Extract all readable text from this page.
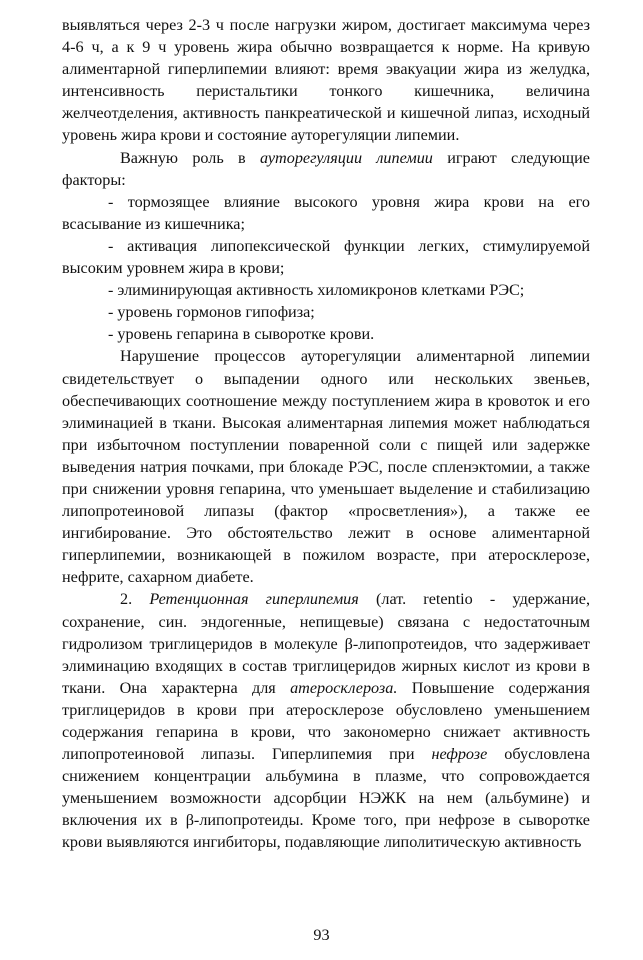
выявляться через 2-3 ч после нагрузки жиром, достигает максимума через 4-6 ч, а к 9 ч уровень жира обычно возвращается к норме. На кривую алиментарной гиперлипемии влияют: время эвакуации жира из желудка, интенсивность перистальтики тонкого кишечника, величина желчеотделения, активность панкреатической и кишечной липаз, исходный уровень жира крови и состояние ауторегуляции липемии.

Важную роль в ауторегуляции липемии играют следующие факторы:

- тормозящее влияние высокого уровня жира крови на его всасывание из кишечника;

- активация липопексической функции легких, стимулируемой высоким уровнем жира в крови;

- элиминирующая активность хиломикронов клетками РЭС;

- уровень гормонов гипофиза;

- уровень гепарина в сыворотке крови.

Нарушение процессов ауторегуляции алиментарной липемии свидетельствует о выпадении одного или нескольких звеньев, обеспечивающих соотношение между поступлением жира в кровоток и его элиминацией в ткани. Высокая алиментарная липемия может наблюдаться при избыточном поступлении поваренной соли с пищей или задержке выведения натрия почками, при блокаде РЭС, после спленэктомии, а также при снижении уровня гепарина, что уменьшает выделение и стабилизацию липопротеиновой липазы (фактор «просветления»), а также ее ингибирование. Это обстоятельство лежит в основе алиментарной гиперлипемии, возникающей в пожилом возрасте, при атеросклерозе, нефрите, сахарном диабете.

2. Ретенционная гиперлипемия (лат. retentio - удержание, сохранение, син. эндогенные, непищевые) связана с недостаточным гидролизом триглицеридов в молекуле β-липопротеидов, что задерживает элиминацию входящих в состав триглицеридов жирных кислот из крови в ткани. Она характерна для атеросклероза. Повышение содержания триглицеридов в крови при атеросклерозе обусловлено уменьшением содержания гепарина в крови, что закономерно снижает активность липопротеиновой липазы. Гиперлипемия при нефрозе обусловлена снижением концентрации альбумина в плазме, что сопровождается уменьшением возможности адсорбции НЭЖК на нем (альбумине) и включения их в β-липопротеиды. Кроме того, при нефрозе в сыворотке крови выявляются ингибиторы, подавляющие липолитическую активность

93
